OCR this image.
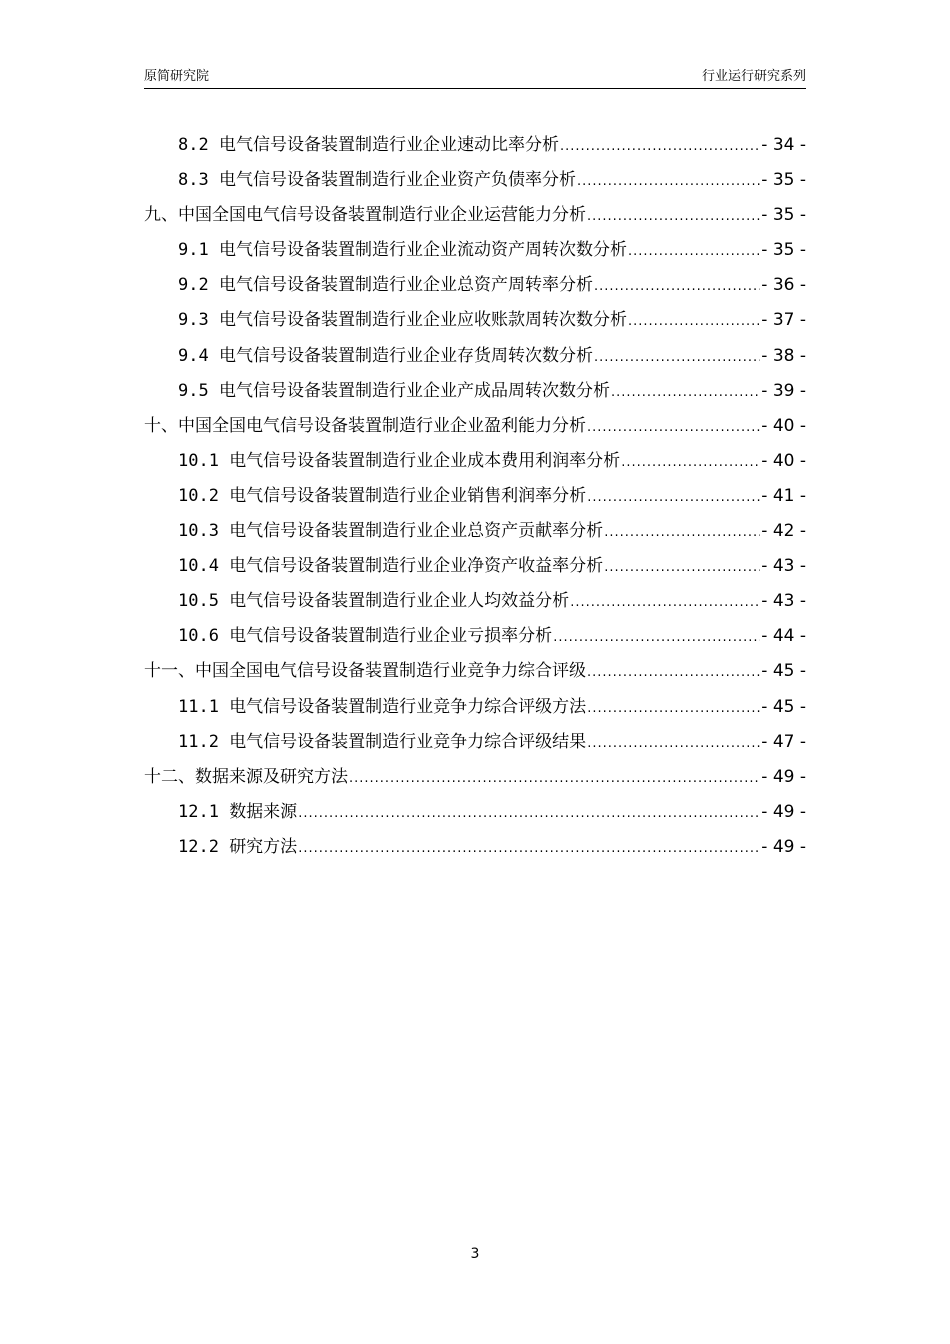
原简研究院	行业运行研究系列
8.2 电气信号设备装置制造行业企业速动比率分析 .....	- 34 -
8.3 电气信号设备装置制造行业企业资产负债率分析 .....	- 35 -
九、中国全国电气信号设备装置制造行业企业运营能力分析 .....	- 35 -
9.1 电气信号设备装置制造行业企业流动资产周转次数分析 .....	- 35 -
9.2 电气信号设备装置制造行业企业总资产周转率分析 .....	- 36 -
9.3 电气信号设备装置制造行业企业应收账款周转次数分析 .....	- 37 -
9.4 电气信号设备装置制造行业企业存货周转次数分析 .....	- 38 -
9.5 电气信号设备装置制造行业企业产成品周转次数分析 .....	- 39 -
十、中国全国电气信号设备装置制造行业企业盈利能力分析 .....	- 40 -
10.1 电气信号设备装置制造行业企业成本费用利润率分析 .....	- 40 -
10.2 电气信号设备装置制造行业企业销售利润率分析 .....	- 41 -
10.3 电气信号设备装置制造行业企业总资产贡献率分析 .....	- 42 -
10.4 电气信号设备装置制造行业企业净资产收益率分析 .....	- 43 -
10.5 电气信号设备装置制造行业企业人均效益分析 .....	- 43 -
10.6 电气信号设备装置制造行业企业亏损率分析 .....	- 44 -
十一、中国全国电气信号设备装置制造行业竞争力综合评级 .....	- 45 -
11.1 电气信号设备装置制造行业竞争力综合评级方法 .....	- 45 -
11.2 电气信号设备装置制造行业竞争力综合评级结果 .....	- 47 -
十二、数据来源及研究方法 .....	- 49 -
12.1 数据来源 .....	- 49 -
12.2 研究方法 .....	- 49 -
3
